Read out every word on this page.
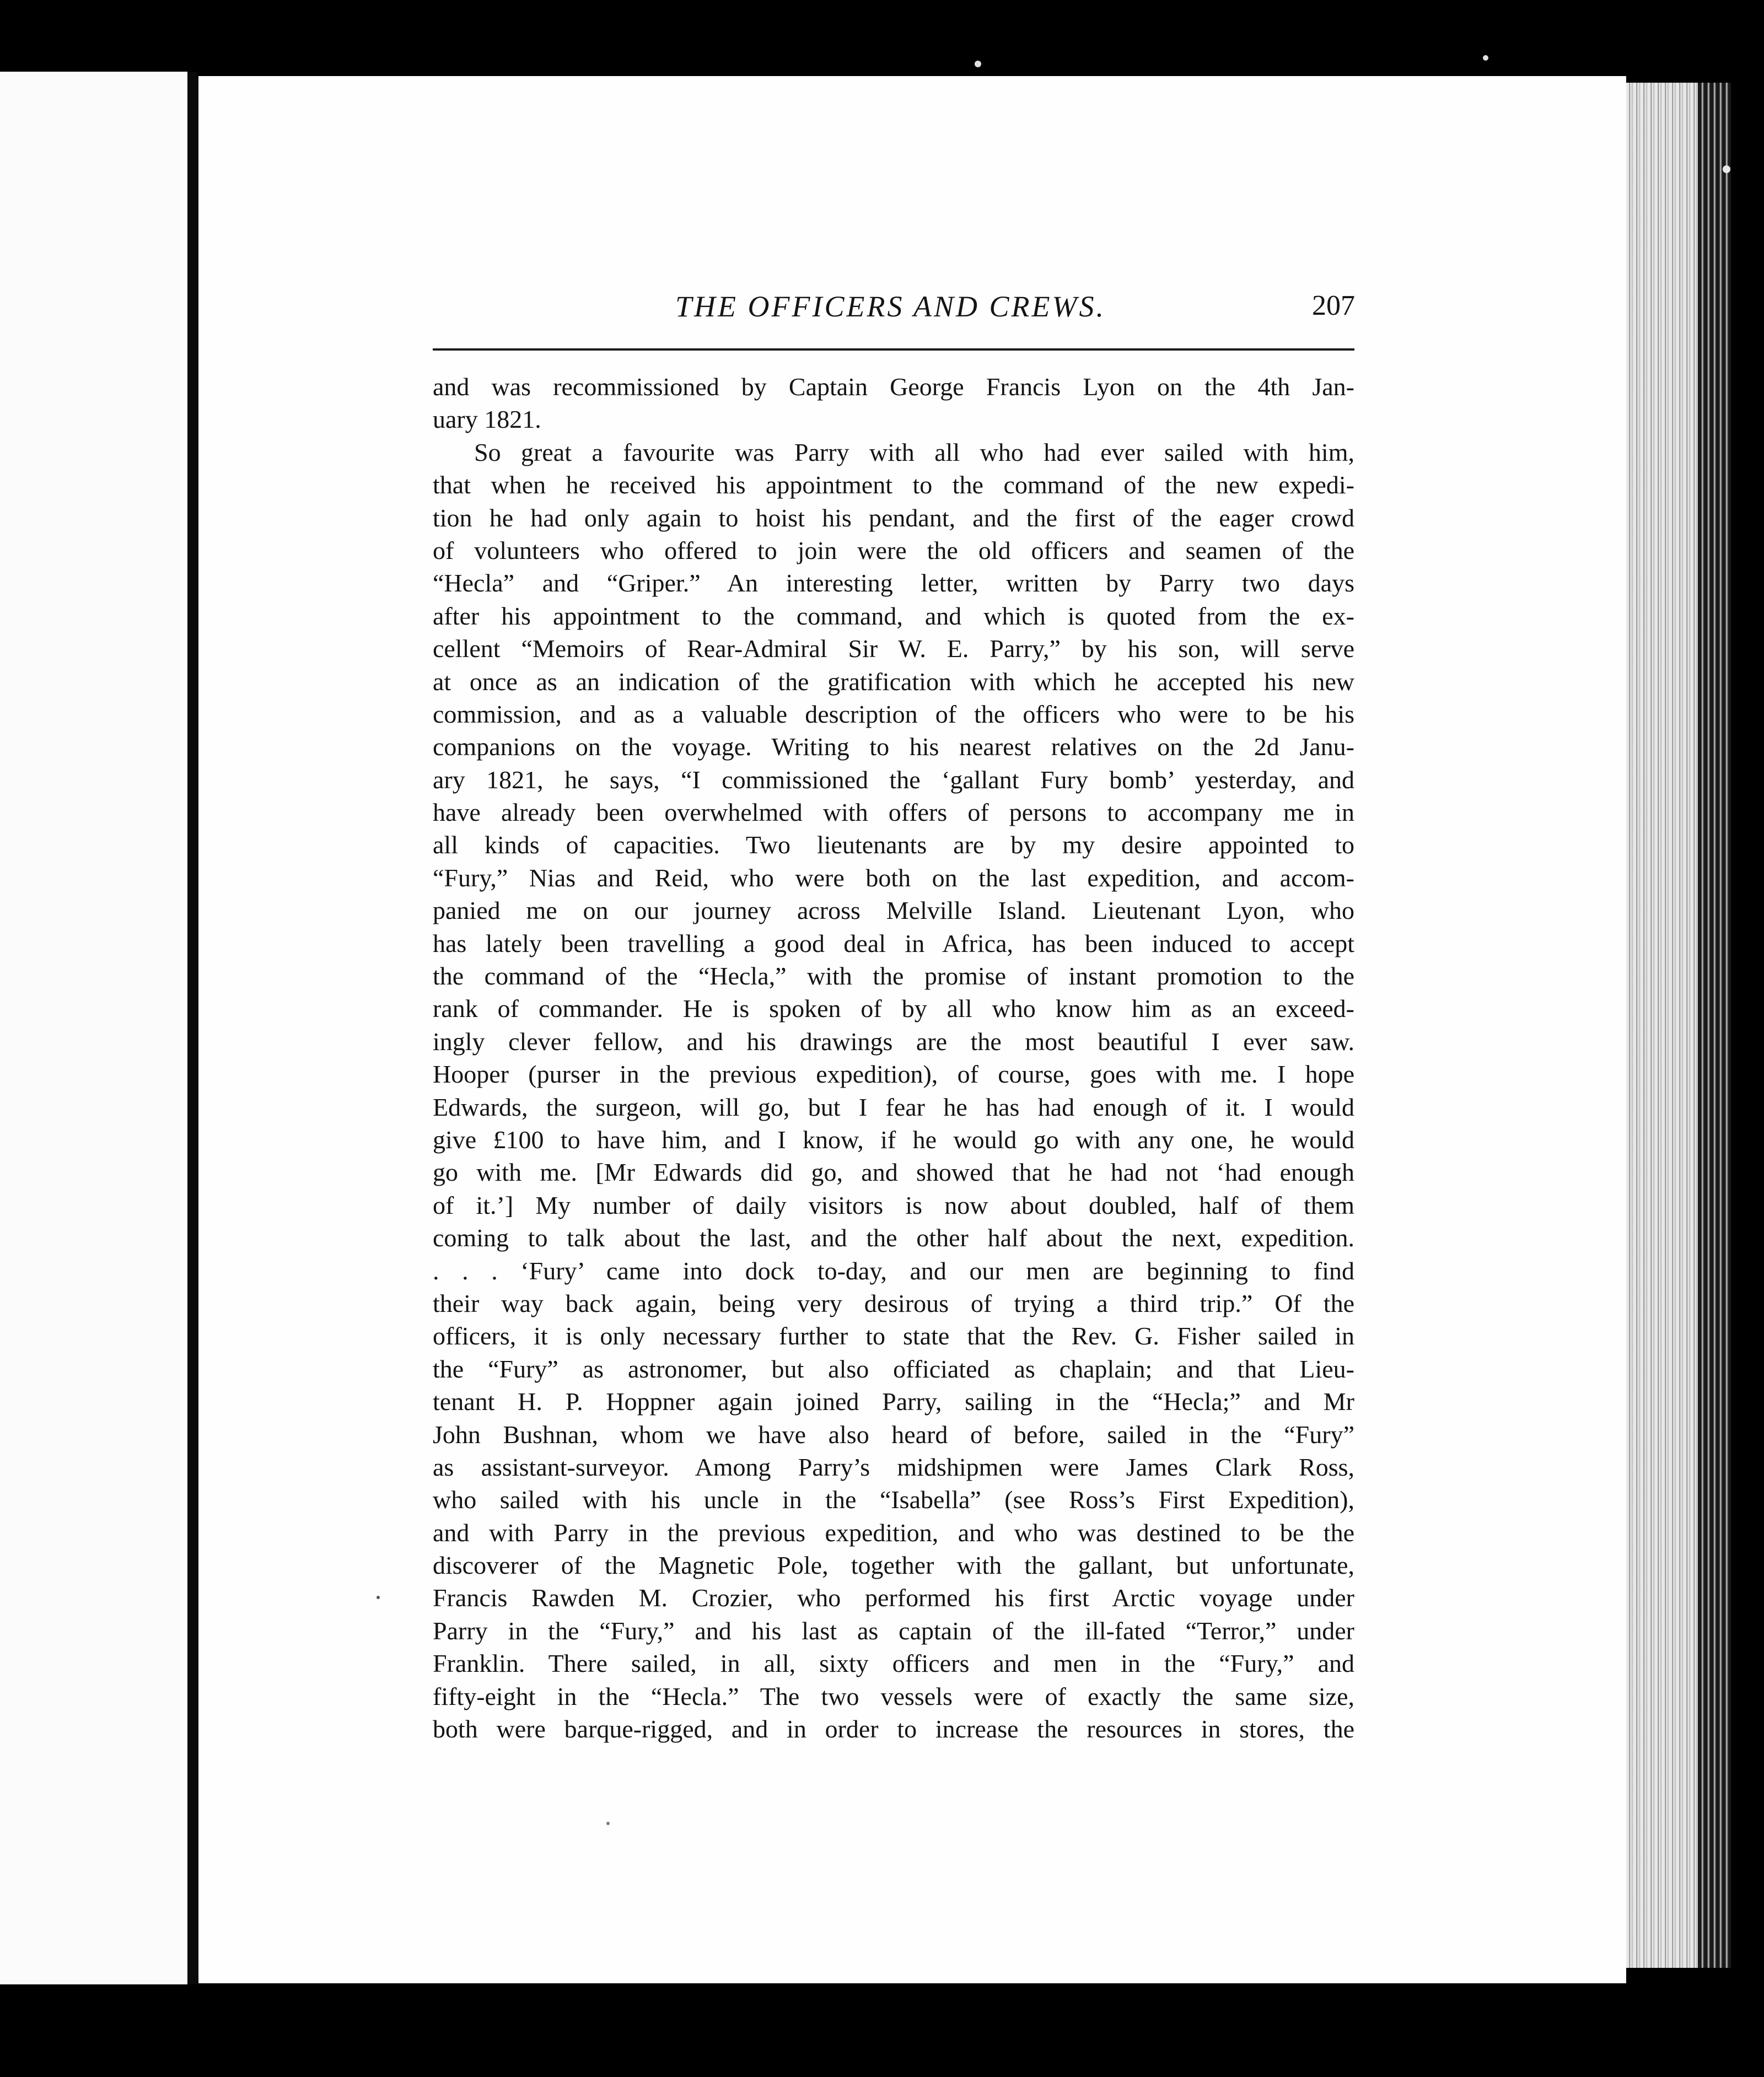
THE OFFICERS AND CREWS.	207
and was recommissioned by Captain George Francis Lyon on the 4th Jan-
uary 1821.
So great a favourite was Parry with all who had ever sailed with him,
that when he received his appointment to the command of the new expedi-
tion he had only again to hoist his pendant, and the first of the eager crowd
of volunteers who offered to join were the old officers and seamen of the
“Hecla” and “Griper.” An interesting letter, written by Parry two days
after his appointment to the command, and which is quoted from the ex-
cellent “Memoirs of Rear-Admiral Sir W. E. Parry,” by his son, will serve
at once as an indication of the gratification with which he accepted his new
commission, and as a valuable description of the officers who were to be his
companions on the voyage. Writing to his nearest relatives on the 2d Janu-
ary 1821, he says, “I commissioned the ‘gallant Fury bomb’ yesterday, and
have already been overwhelmed with offers of persons to accompany me in
all kinds of capacities. Two lieutenants are by my desire appointed to
“Fury,” Nias and Reid, who were both on the last expedition, and accom-
panied me on our journey across Melville Island. Lieutenant Lyon, who
has lately been travelling a good deal in Africa, has been induced to accept
the command of the “Hecla,” with the promise of instant promotion to the
rank of commander. He is spoken of by all who know him as an exceed-
ingly clever fellow, and his drawings are the most beautiful I ever saw.
Hooper (purser in the previous expedition), of course, goes with me. I hope
Edwards, the surgeon, will go, but I fear he has had enough of it. I would
give £100 to have him, and I know, if he would go with any one, he would
go with me. [Mr Edwards did go, and showed that he had not ‘had enough
of it.’] My number of daily visitors is now about doubled, half of them
coming to talk about the last, and the other half about the next, expedition.
. . . ‘Fury’ came into dock to-day, and our men are beginning to find
their way back again, being very desirous of trying a third trip.” Of the
officers, it is only necessary further to state that the Rev. G. Fisher sailed in
the “Fury” as astronomer, but also officiated as chaplain; and that Lieu-
tenant H. P. Hoppner again joined Parry, sailing in the “Hecla;” and Mr
John Bushnan, whom we have also heard of before, sailed in the “Fury”
as assistant-surveyor. Among Parry’s midshipmen were James Clark Ross,
who sailed with his uncle in the “Isabella” (see Ross’s First Expedition),
and with Parry in the previous expedition, and who was destined to be the
discoverer of the Magnetic Pole, together with the gallant, but unfortunate,
Francis Rawden M. Crozier, who performed his first Arctic voyage under
Parry in the “Fury,” and his last as captain of the ill-fated “Terror,” under
Franklin. There sailed, in all, sixty officers and men in the “Fury,” and
fifty-eight in the “Hecla.” The two vessels were of exactly the same size,
both were barque-rigged, and in order to increase the resources in stores, the
